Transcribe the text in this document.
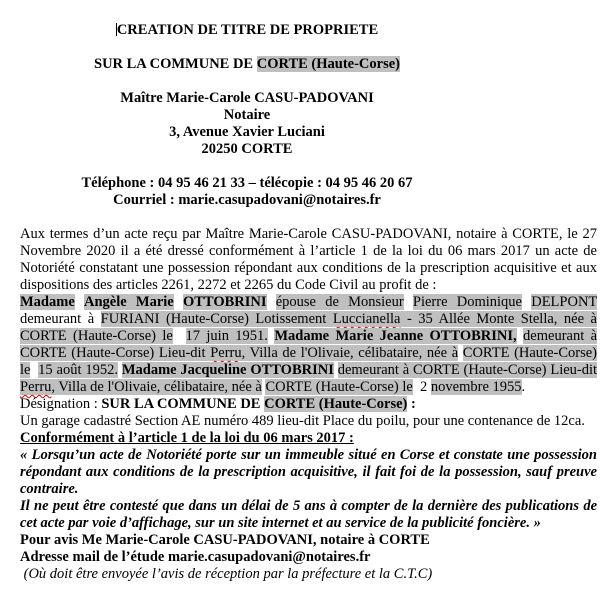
CREATION DE TITRE DE PROPRIETE

SUR LA COMMUNE DE CORTE (Haute-Corse)

Maître Marie-Carole CASU-PADOVANI

Notaire

3, Avenue Xavier Luciani

20250 CORTE

Téléphone : 04 95 46 21 33 – télécopie : 04 95 46 20 67

Courriel : marie.casupadovani@notaires.fr

Aux termes d’un acte reçu par Maître Marie-Carole CASU-PADOVANI, notaire à CORTE, le 27 Novembre 2020 il a été dressé conformément à l’article 1 de la loi du 06 mars 2017 un acte de Notoriété constatant une possession répondant aux conditions de la prescription acquisitive et aux dispositions des articles 2261, 2272 et 2265 du Code Civil au profit de :

Madame Angèle Marie OTTOBRINI épouse de Monsieur Pierre Dominique DELPONT demeurant à FURIANI (Haute-Corse) Lotissement Luccianella - 35 Allée Monte Stella, née à CORTE (Haute-Corse) le 17 juin 1951. Madame Marie Jeanne OTTOBRINI, demeurant à CORTE (Haute-Corse) Lieu-dit Perru, Villa de l'Olivaie, célibataire, née à CORTE (Haute-Corse) le 15 août 1952. Madame Jacqueline OTTOBRINI demeurant à CORTE (Haute-Corse) Lieu-dit Perru, Villa de l'Olivaie, célibataire, née à CORTE (Haute-Corse) le  2 novembre 1955.

Désignation : SUR LA COMMUNE DE CORTE (Haute-Corse) :

Un garage cadastré Section AE numéro 489 lieu-dit Place du poilu, pour une contenance de 12ca.

Conformément à l’article 1 de la loi du 06 mars 2017 :

« Lorsqu’un acte de Notoriété porte sur un immeuble situé en Corse et constate une possession répondant aux conditions de la prescription acquisitive, il fait foi de la possession, sauf preuve contraire.

Il ne peut être contesté que dans un délai de 5 ans à compter de la dernière des publications de cet acte par voie d’affichage, sur un site internet et au service de la publicité foncière. »

Pour avis Me Marie-Carole CASU-PADOVANI, notaire à CORTE

Adresse mail de l’étude marie.casupadovani@notaires.fr

(Où doit être envoyée l’avis de réception par la préfecture et la C.T.C)
